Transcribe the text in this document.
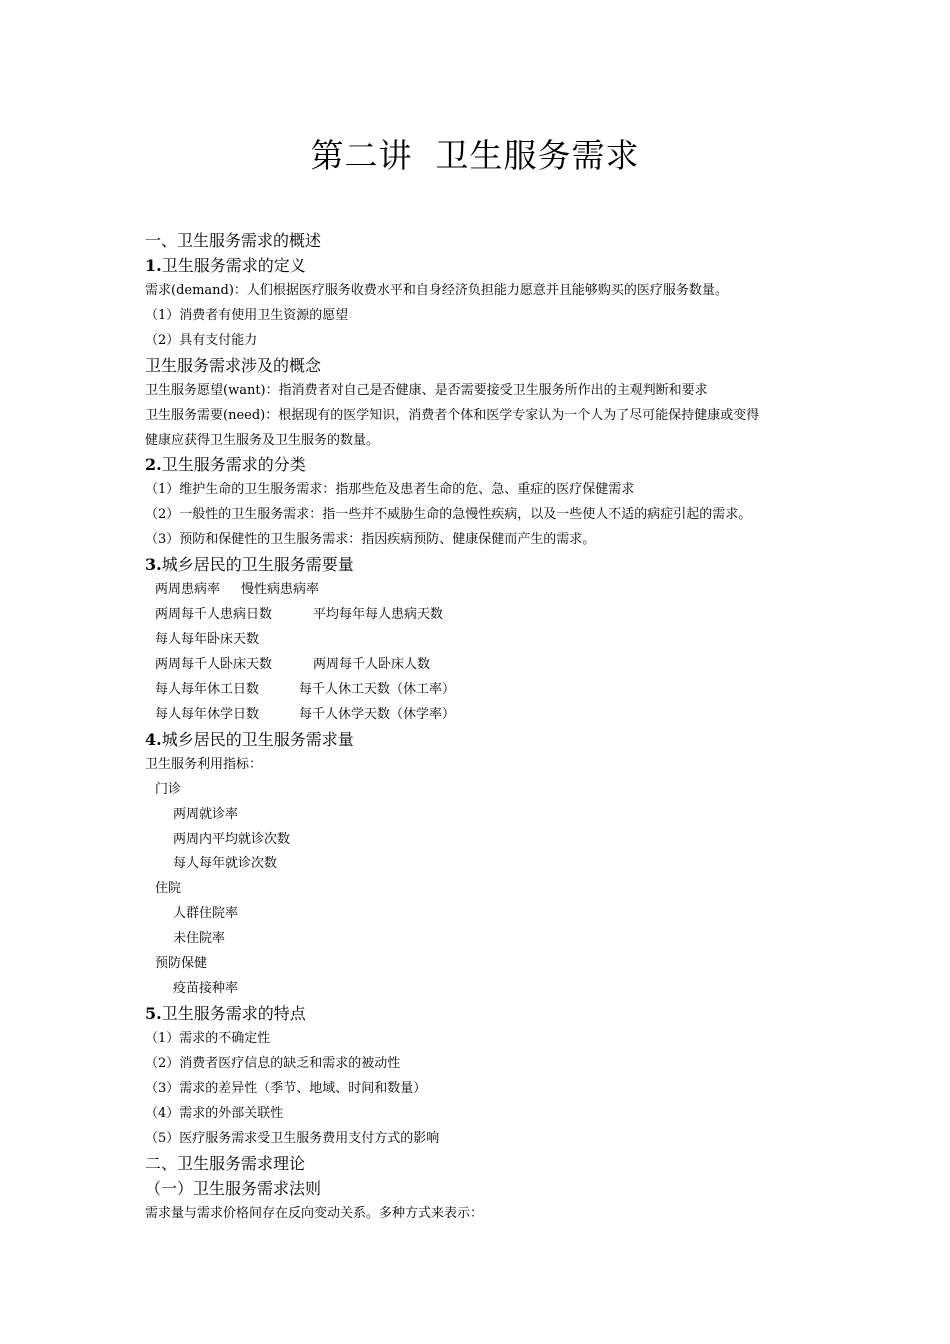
第二讲  卫生服务需求
一、卫生服务需求的概述
1.卫生服务需求的定义
需求(demand)：人们根据医疗服务收费水平和自身经济负担能力愿意并且能够购买的医疗服务数量。
（1）消费者有使用卫生资源的愿望
（2）具有支付能力
卫生服务需求涉及的概念
卫生服务愿望(want)：指消费者对自己是否健康、是否需要接受卫生服务所作出的主观判断和要求
卫生服务需要(need)：根据现有的医学知识，消费者个体和医学专家认为一个人为了尽可能保持健康或变得
健康应获得卫生服务及卫生服务的数量。
2.卫生服务需求的分类
（1）维护生命的卫生服务需求：指那些危及患者生命的危、急、重症的医疗保健需求
（2）一般性的卫生服务需求：指一些并不威胁生命的急慢性疾病，以及一些使人不适的病症引起的需求。
（3）预防和保健性的卫生服务需求：指因疾病预防、健康保健而产生的需求。
3.城乡居民的卫生服务需要量
两周患病率 慢性病患病率
两周每千人患病日数	平均每年每人患病天数
每人每年卧床天数
两周每千人卧床天数	两周每千人卧床人数
每人每年休工日数	每千人休工天数（休工率）
每人每年休学日数	每千人休学天数（休学率）
4.城乡居民的卫生服务需求量
卫生服务利用指标：
门诊
两周就诊率
两周内平均就诊次数
每人每年就诊次数
住院
人群住院率
未住院率
预防保健
疫苗接种率
5.卫生服务需求的特点
（1）需求的不确定性
（2）消费者医疗信息的缺乏和需求的被动性
（3）需求的差异性（季节、地域、时间和数量）
（4）需求的外部关联性
（5）医疗服务需求受卫生服务费用支付方式的影响
二、卫生服务需求理论
（一）卫生服务需求法则
需求量与需求价格间存在反向变动关系。多种方式来表示：
